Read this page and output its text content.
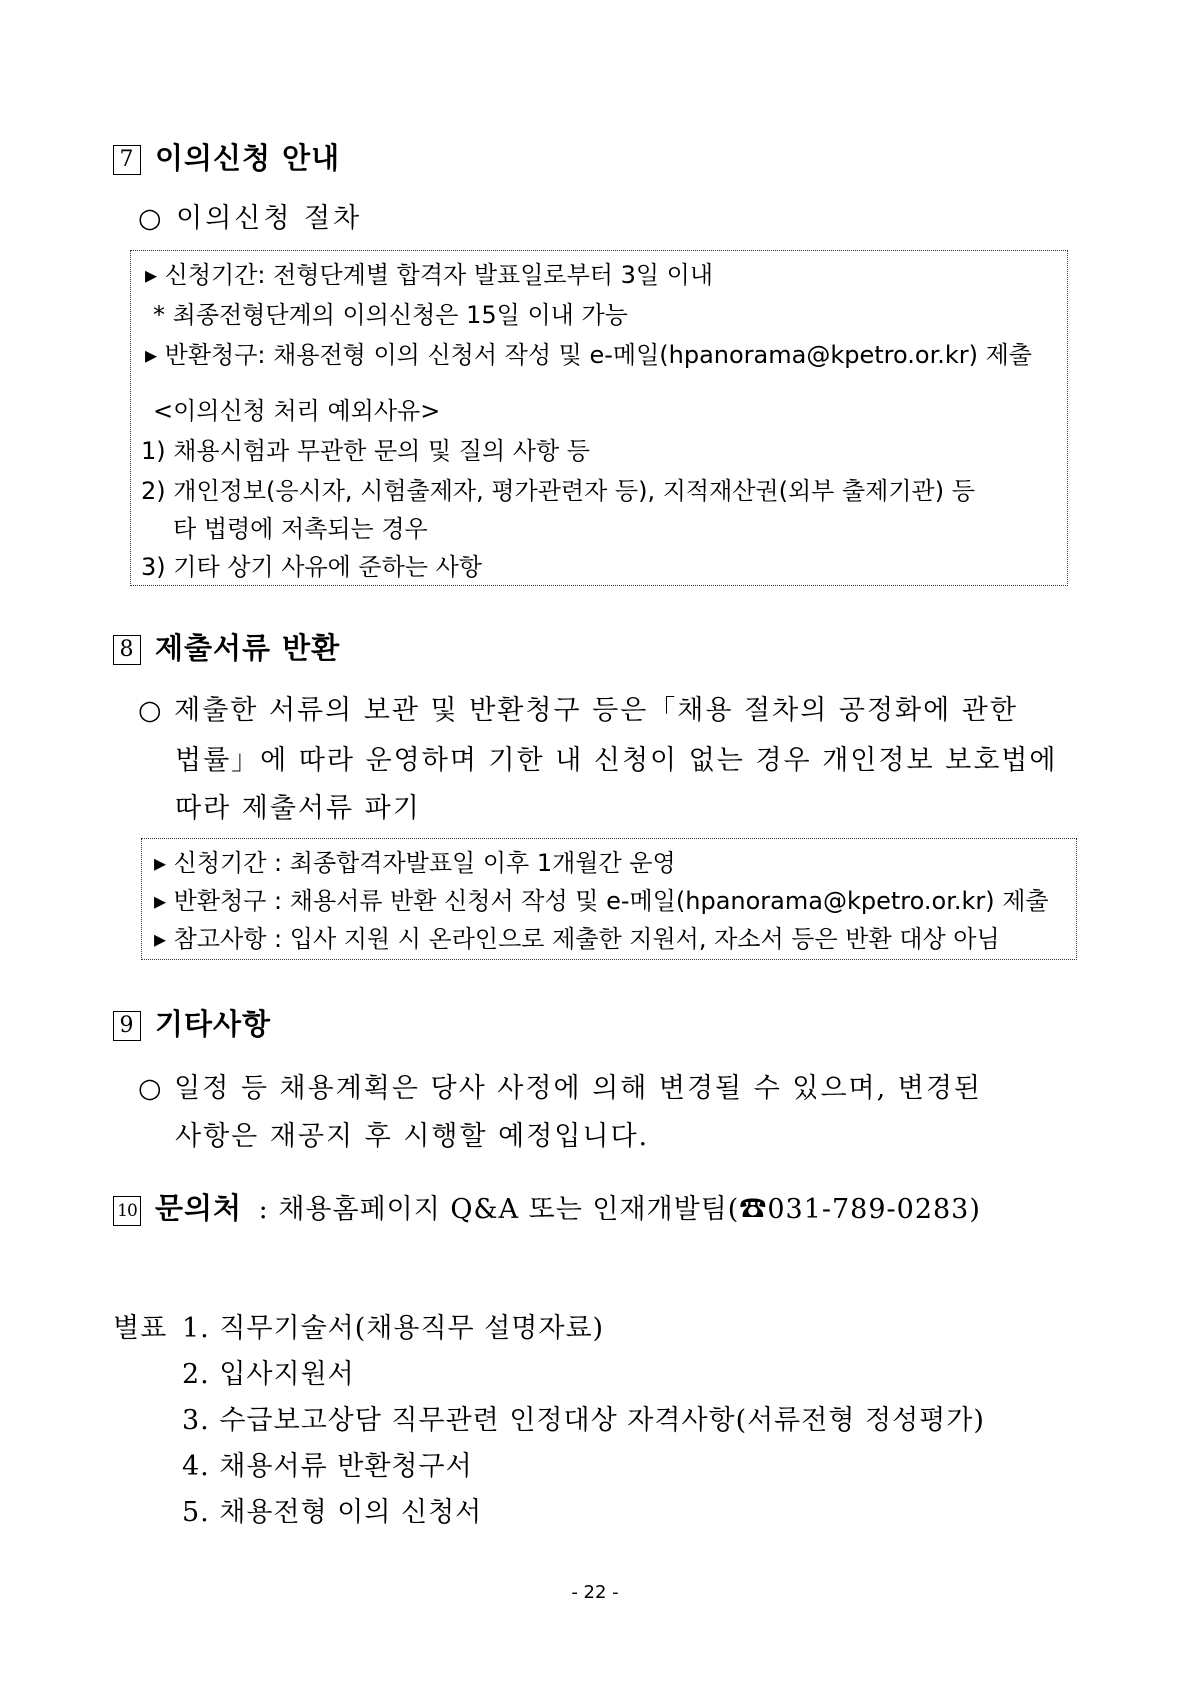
7 이의신청 안내
○ 이의신청 절차
▸ 신청기간: 전형단계별 합격자 발표일로부터 3일 이내
* 최종전형단계의 이의신청은 15일 이내 가능
▸ 반환청구: 채용전형 이의 신청서 작성 및 e-메일(hpanorama@kpetro.or.kr) 제출
<이의신청 처리 예외사유>
1) 채용시험과 무관한 문의 및 질의 사항 등
2) 개인정보(응시자, 시험출제자, 평가관련자 등), 지적재산권(외부 출제기관) 등
타 법령에 저촉되는 경우
3) 기타 상기 사유에 준하는 사항
8 제출서류 반환
○ 제출한 서류의 보관 및 반환청구 등은「채용 절차의 공정화에 관한
법률」에 따라 운영하며 기한 내 신청이 없는 경우 개인정보 보호법에
따라 제출서류 파기
▸ 신청기간 : 최종합격자발표일 이후 1개월간 운영
▸ 반환청구 : 채용서류 반환 신청서 작성 및 e-메일(hpanorama@kpetro.or.kr) 제출
▸ 참고사항 : 입사 지원 시 온라인으로 제출한 지원서, 자소서 등은 반환 대상 아님
9 기타사항
○ 일정 등 채용계획은 당사 사정에 의해 변경될 수 있으며, 변경된
사항은 재공지 후 시행할 예정입니다.
10 문의처 : 채용홈페이지 Q&A 또는 인재개발팀(☎031-789-0283)
별표 1. 직무기술서(채용직무 설명자료)
2. 입사지원서
3. 수급보고상담 직무관련 인정대상 자격사항(서류전형 정성평가)
4. 채용서류 반환청구서
5. 채용전형 이의 신청서
- 22 -
